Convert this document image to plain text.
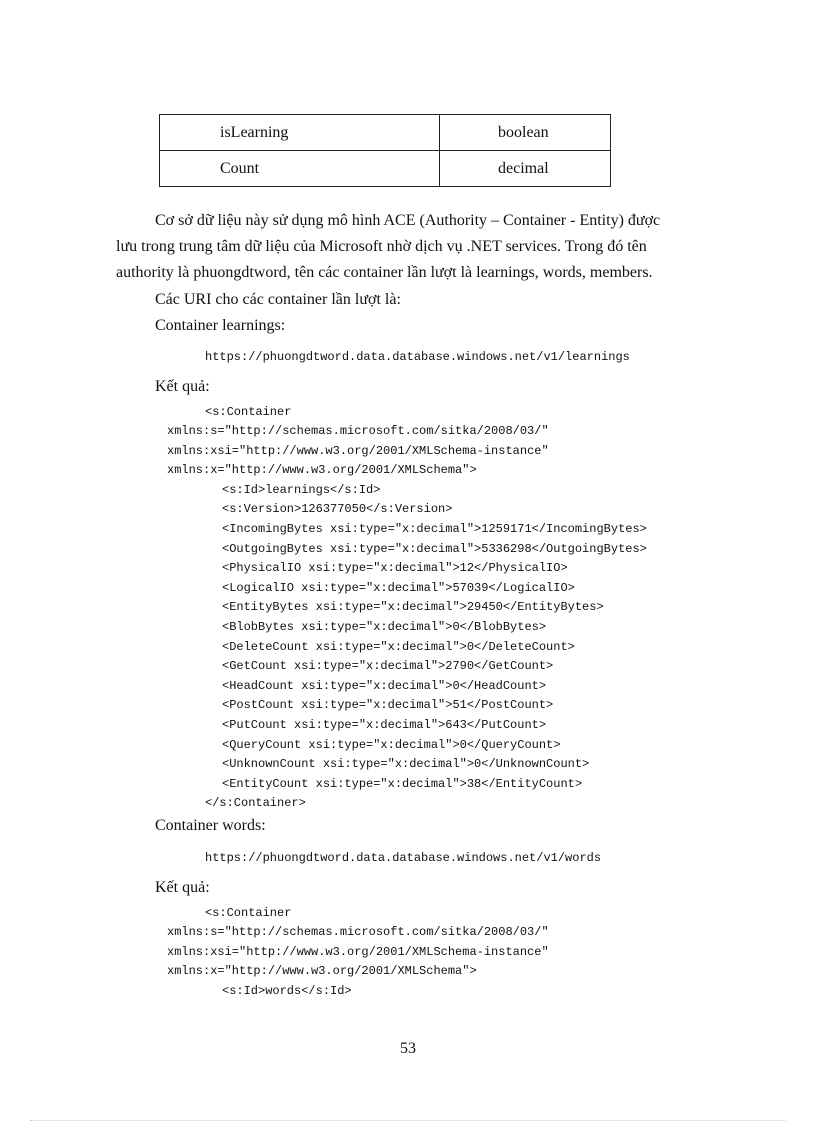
isLearning	boolean
Count	decimal

Cơ sở dữ liệu này sử dụng mô hình ACE (Authority – Container - Entity) được

lưu trong trung tâm dữ liệu của Microsoft nhờ dịch vụ .NET services. Trong đó tên

authority là phuongdtword, tên các container lần lượt là learnings, words, members.

Các URI cho các container lần lượt là:

Container learnings:

https://phuongdtword.data.database.windows.net/v1/learnings

Kết quả:

<s:Container
xmlns:s="http://schemas.microsoft.com/sitka/2008/03/"
xmlns:xsi="http://www.w3.org/2001/XMLSchema-instance"
xmlns:x="http://www.w3.org/2001/XMLSchema">
<s:Id>learnings</s:Id>
<s:Version>126377050</s:Version>
<IncomingBytes xsi:type="x:decimal">1259171</IncomingBytes>
<OutgoingBytes xsi:type="x:decimal">5336298</OutgoingBytes>
<PhysicalIO xsi:type="x:decimal">12</PhysicalIO>
<LogicalIO xsi:type="x:decimal">57039</LogicalIO>
<EntityBytes xsi:type="x:decimal">29450</EntityBytes>
<BlobBytes xsi:type="x:decimal">0</BlobBytes>
<DeleteCount xsi:type="x:decimal">0</DeleteCount>
<GetCount xsi:type="x:decimal">2790</GetCount>
<HeadCount xsi:type="x:decimal">0</HeadCount>
<PostCount xsi:type="x:decimal">51</PostCount>
<PutCount xsi:type="x:decimal">643</PutCount>
<QueryCount xsi:type="x:decimal">0</QueryCount>
<UnknownCount xsi:type="x:decimal">0</UnknownCount>
<EntityCount xsi:type="x:decimal">38</EntityCount>
</s:Container>

Container words:

https://phuongdtword.data.database.windows.net/v1/words

Kết quả:

<s:Container
xmlns:s="http://schemas.microsoft.com/sitka/2008/03/"
xmlns:xsi="http://www.w3.org/2001/XMLSchema-instance"
xmlns:x="http://www.w3.org/2001/XMLSchema">
<s:Id>words</s:Id>
53
